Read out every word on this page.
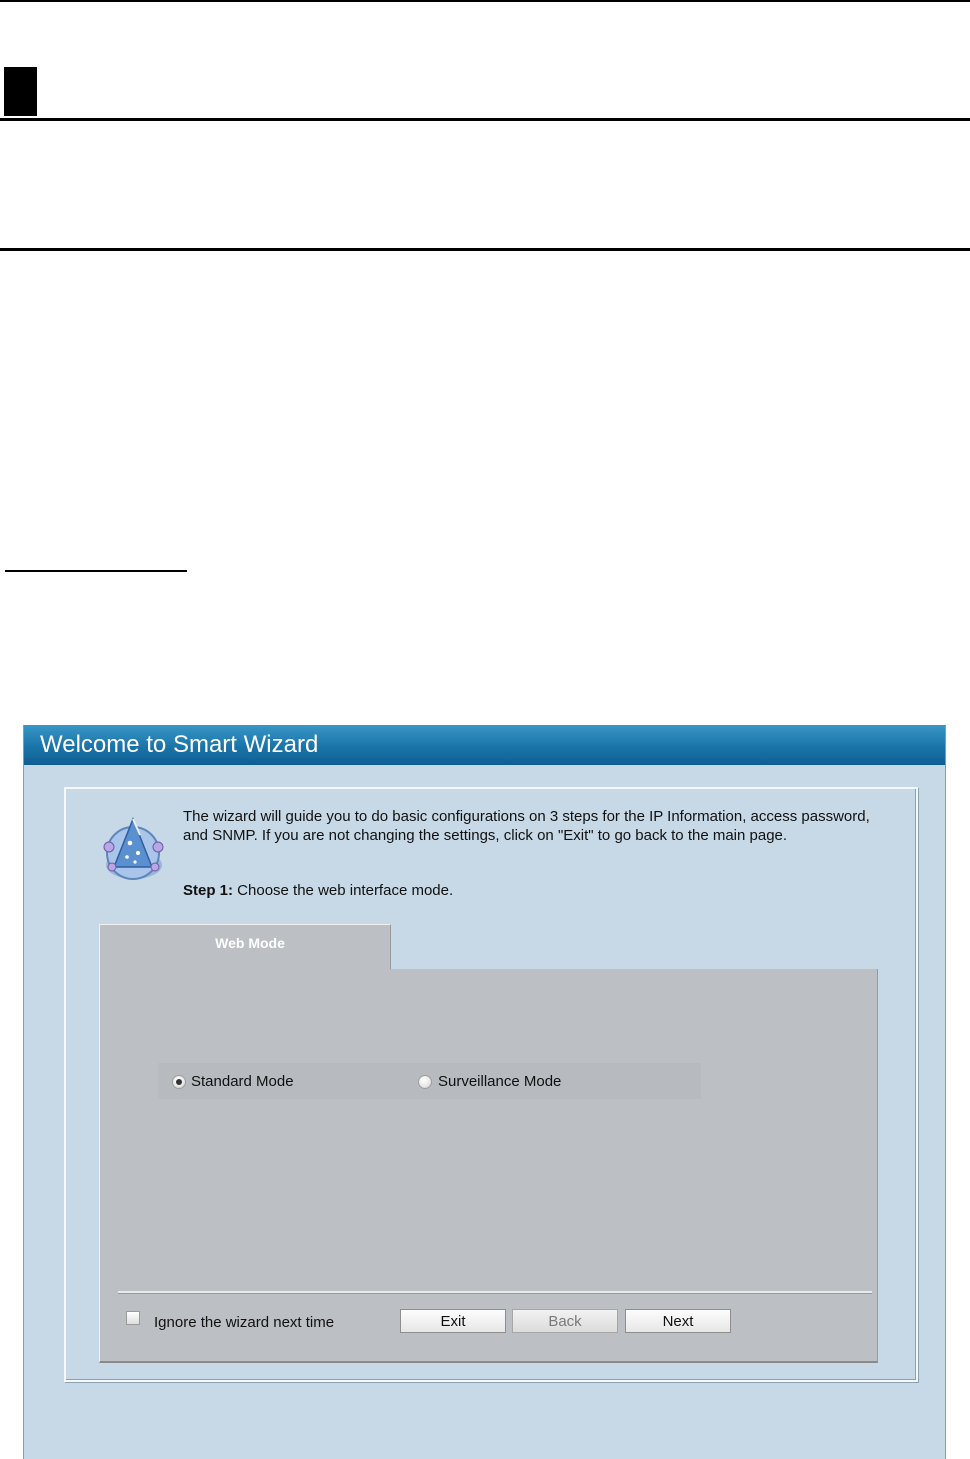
Welcome to Smart Wizard
The wizard will guide you to do basic configurations on 3 steps for the IP Information, access password, and SNMP. If you are not changing the settings, click on "Exit" to go back to the main page.
Step 1: Choose the web interface mode.
Web Mode
Standard Mode	Surveillance Mode
Ignore the wizard next time	Exit	Back	Next
